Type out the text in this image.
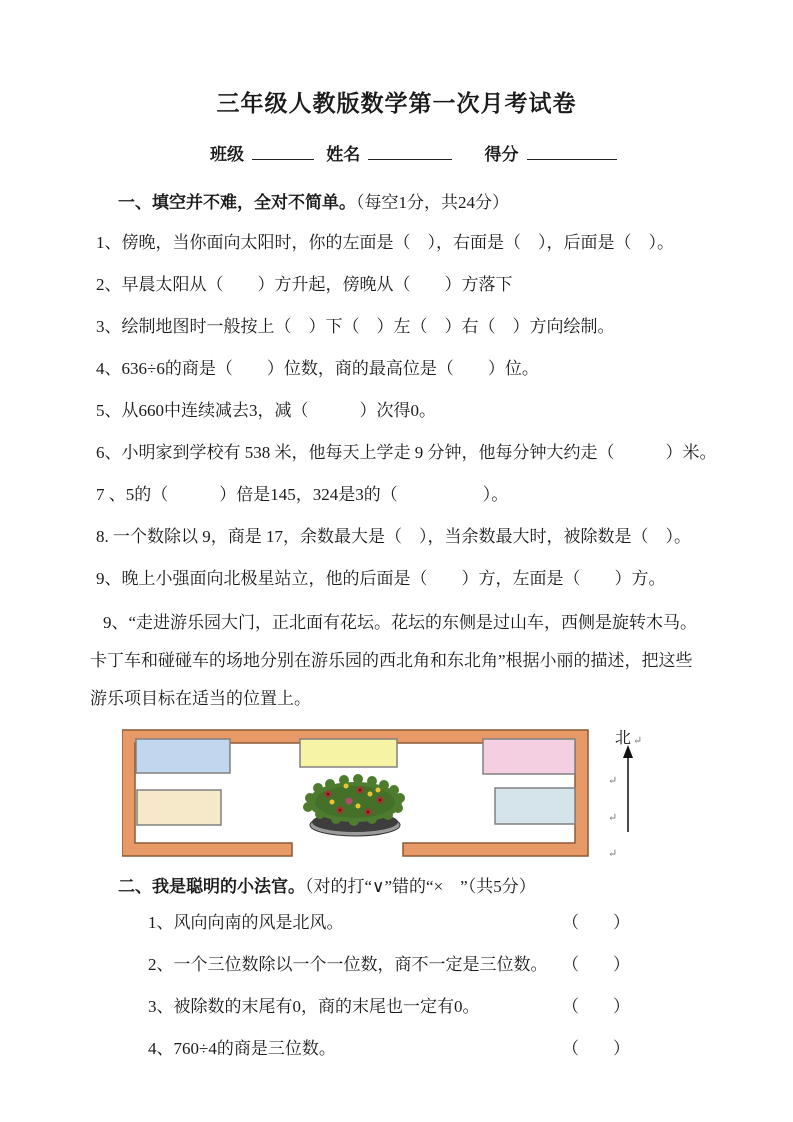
三年级人教版数学第一次月考试卷
班级	姓名	得分
一、填空并不难，全对不简单。（每空1分，共24分）
1、傍晚，当你面向太阳时，你的左面是（　），右面是（　），后面是（　）。
2、早晨太阳从（　　）方升起，傍晚从（　　）方落下
3、绘制地图时一般按上（　）下（　）左（　）右（　）方向绘制。
4、636÷6的商是（　　）位数，商的最高位是（　　）位。
5、从660中连续减去3，减（　　　）次得0。
6、小明家到学校有 538 米，他每天上学走 9 分钟，他每分钟大约走（　　　）米。
7 、5的（　　　）倍是145，324是3的（　　　　　）。
8. 一个数除以 9，商是 17，余数最大是（　），当余数最大时，被除数是（　）。
9、晚上小强面向北极星站立，他的后面是（　　）方，左面是（　　）方。
9、“走进游乐园大门，正北面有花坛。花坛的东侧是过山车，西侧是旋转木马。卡丁车和碰碰车的场地分别在游乐园的西北角和东北角”根据小丽的描述，把这些游乐项目标在适当的位置上。
北 ↵
↵
↵
↵
二、我是聪明的小法官。（对的打“∨”错的“×　”（共5分）
1、风向向南的风是北风。	（　　）
2、一个三位数除以一个一位数，商不一定是三位数。 （　　）
3、被除数的末尾有0，商的末尾也一定有0。	（　　）
4、760÷4的商是三位数。	（　　）
